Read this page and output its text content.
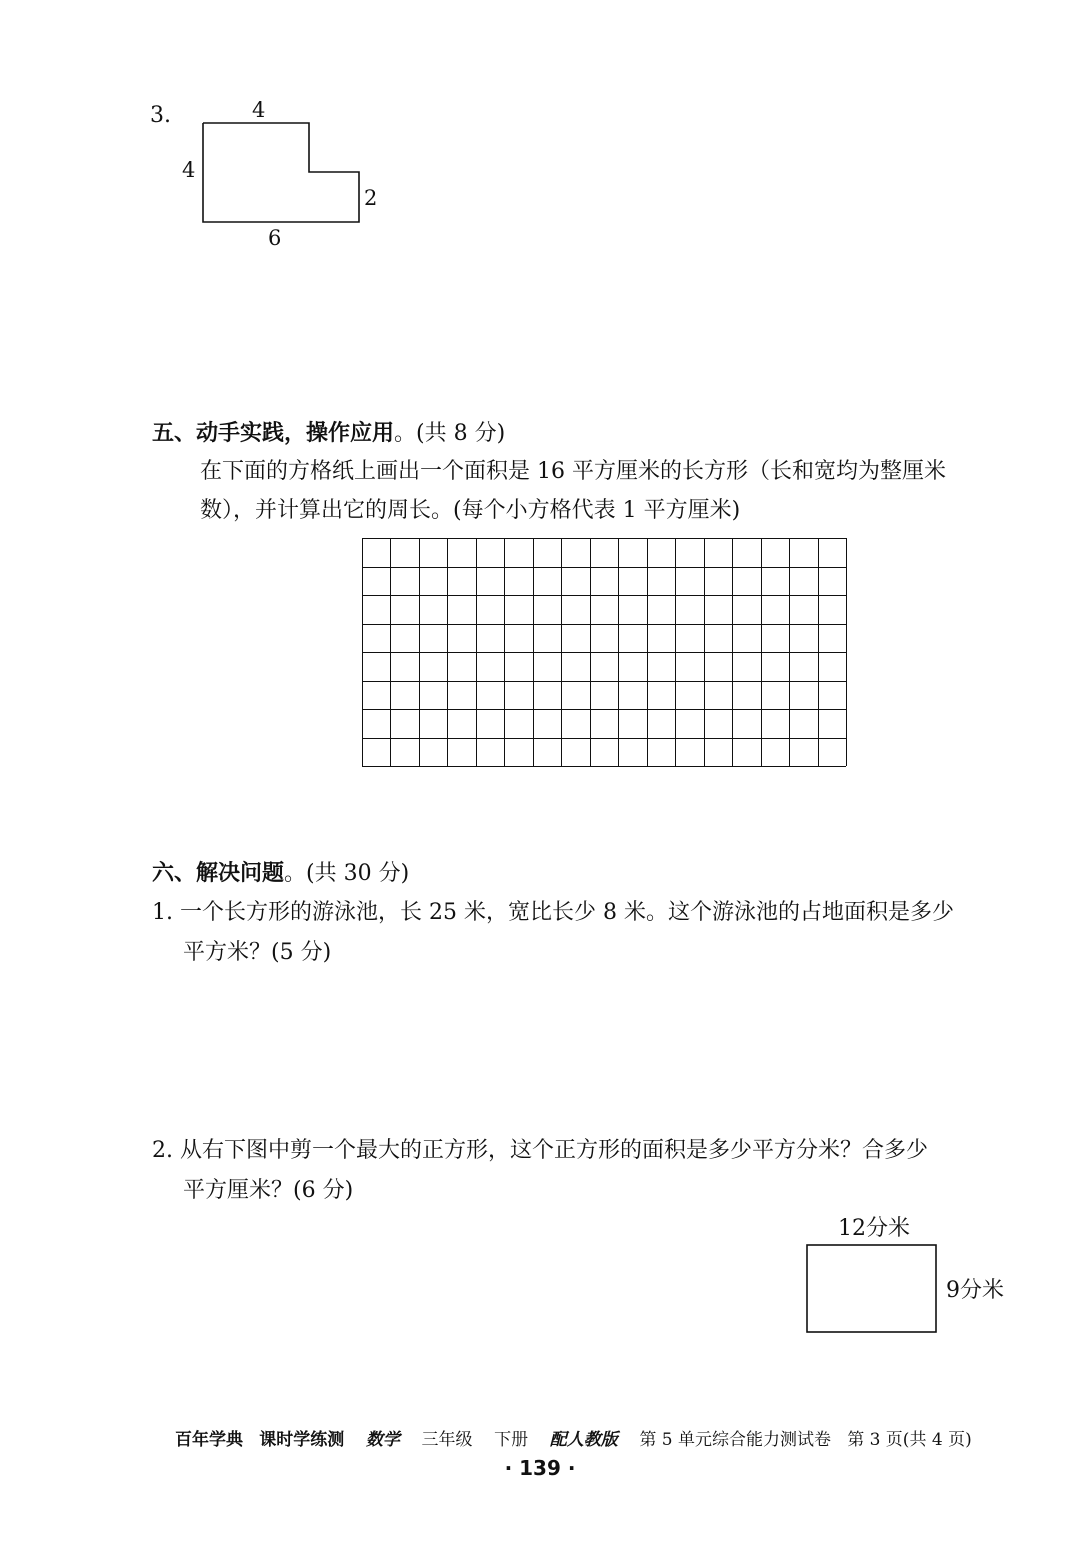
3.	4
4
2
6
五、动手实践，操作应用。(共 8 分)
在下面的方格纸上画出一个面积是 16 平方厘米的长方形（长和宽均为整厘米
数），并计算出它的周长。(每个小方格代表 1 平方厘米)
六、解决问题。(共 30 分)
1. 一个长方形的游泳池，长 25 米，宽比长少 8 米。这个游泳池的占地面积是多少
平方米？(5 分)
2. 从右下图中剪一个最大的正方形，这个正方形的面积是多少平方分米？合多少
平方厘米？(6 分)
12分米
9分米
百年学典 课时学练测 数学 三年级 下册 配人教版 第 5 单元综合能力测试卷 第 3 页(共 4 页)
· 139 ·
